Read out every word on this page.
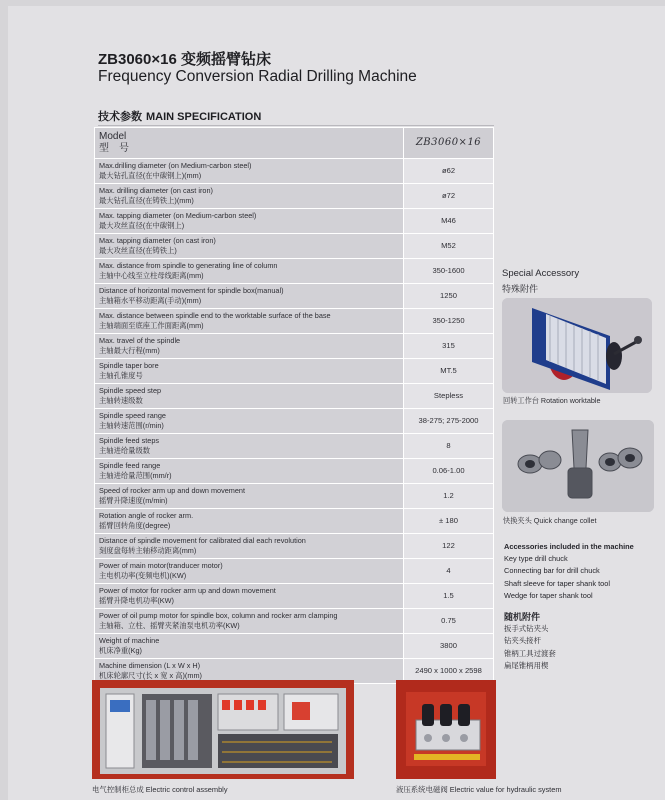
ZB3060×16 变频摇臂钻床
Frequency Conversion Radial Drilling Machine
技术参数 MAIN SPECIFICATION
Model
型　号	ZB3060×16
Max.drilling diameter (on Medium-carbon steel)
最大钻孔直径(在中碳钢上)(mm)	ø62
Max. drilling diameter (on cast iron)
最大钻孔直径(在铸铁上)(mm)	ø72
Max. tapping diameter (on Medium-carbon steel)
最大攻丝直径(在中碳钢上)	M46
Max. tapping diameter (on cast iron)
最大攻丝直径(在铸铁上)	M52
Max. distance from spindle to generating line of column
主轴中心线至立柱母线距离(mm)	350-1600
Distance of horizontal movement for spindle box(manual)
主轴箱水平移动距离(手动)(mm)	1250
Max. distance between spindle end to the worktable surface of the base
主轴端面至底座工作面距离(mm)	350-1250
Max. travel of the spindle
主轴最大行程(mm)	315
Spindle taper bore
主轴孔锥度号	MT.5
Spindle speed step
主轴转速级数	Stepless
Spindle speed range
主轴转速范围(r/min)	38-275; 275-2000
Spindle feed steps
主轴进给量级数	8
Spindle feed range
主轴进给量范围(mm/r)	0.06-1.00
Speed of rocker arm up and down movement
摇臂升降速度(m/min)	1.2
Rotation angle of rocker arm.
摇臂回转角度(degree)	± 180
Distance of spindle movement for calibrated dial each revolution
刻度盘每转主轴移动距离(mm)	122
Power of main motor(tranducer motor)
主电机功率(变频电机)(KW)	4
Power of motor for rocker arm up and down movement
摇臂升降电机功率(KW)	1.5
Power of oil pump motor for spindle box, column and rocker arm clamping
主轴箱、立柱、摇臂夹紧油泵电机功率(KW)	0.75
Weight of machine
机床净重(Kg)	3800
Machine dimension (L x W x H)
机床轮廓尺寸(长 x 宽 x 高)(mm)	2490 x 1000 x 2598
Special Accessory
特殊附件
回转工作台 Rotation worktable
快换夹头 Quick change collet
Accessories included in the machine
Key type drill chuck
Connecting bar for drill chuck
Shaft sleeve for taper shank tool
Wedge for taper shank tool
随机附件
扳手式钻夹头
钻夹头接杆
锥柄工具过渡套
扁尾锥柄用楔
电气控制柜总成 Electric control assembly	液压系统电磁阀 Electric value for hydraulic system
